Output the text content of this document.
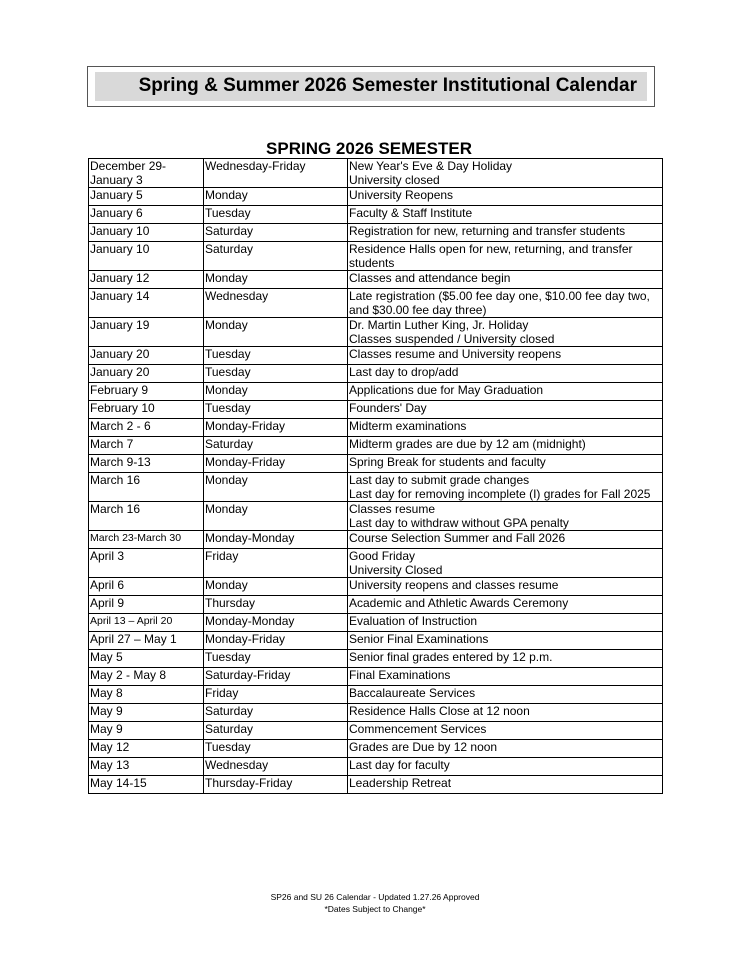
Spring & Summer 2026 Semester Institutional Calendar
SPRING 2026 SEMESTER
December 29-
January 3	Wednesday-Friday	New Year's Eve & Day Holiday
University closed
January 5	Monday	University Reopens
January 6	Tuesday	Faculty & Staff Institute
January 10	Saturday	Registration for new, returning and transfer students
January 10	Saturday	Residence Halls open for new, returning, and transfer
students
January 12	Monday	Classes and attendance begin
January 14	Wednesday	Late registration ($5.00 fee day one, $10.00 fee day two,
and $30.00 fee day three)
January 19	Monday	Dr. Martin Luther King, Jr. Holiday
Classes suspended / University closed
January 20	Tuesday	Classes resume and University reopens
January 20	Tuesday	Last day to drop/add
February 9	Monday	Applications due for May Graduation
February 10	Tuesday	Founders' Day
March 2 - 6	Monday-Friday	Midterm examinations
March 7	Saturday	Midterm grades are due by 12 am (midnight)
March 9-13	Monday-Friday	Spring Break for students and faculty
March 16	Monday	Last day to submit grade changes
Last day for removing incomplete (I) grades for Fall 2025
March 16	Monday	Classes resume
Last day to withdraw without GPA penalty
March 23-March 30	Monday-Monday	Course Selection Summer and Fall 2026
April 3	Friday	Good Friday
University Closed
April 6	Monday	University reopens and classes resume
April 9	Thursday	Academic and Athletic Awards Ceremony
April 13 – April 20	Monday-Monday	Evaluation of Instruction
April 27 – May 1	Monday-Friday	Senior Final Examinations
May 5	Tuesday	Senior final grades entered by 12 p.m.
May 2 - May 8	Saturday-Friday	Final Examinations
May 8	Friday	Baccalaureate Services
May 9	Saturday	Residence Halls Close at 12 noon
May 9	Saturday	Commencement Services
May 12	Tuesday	Grades are Due by 12 noon
May 13	Wednesday	Last day for faculty
May 14-15	Thursday-Friday	Leadership Retreat
SP26 and SU 26 Calendar - Updated 1.27.26 Approved
*Dates Subject to Change*
